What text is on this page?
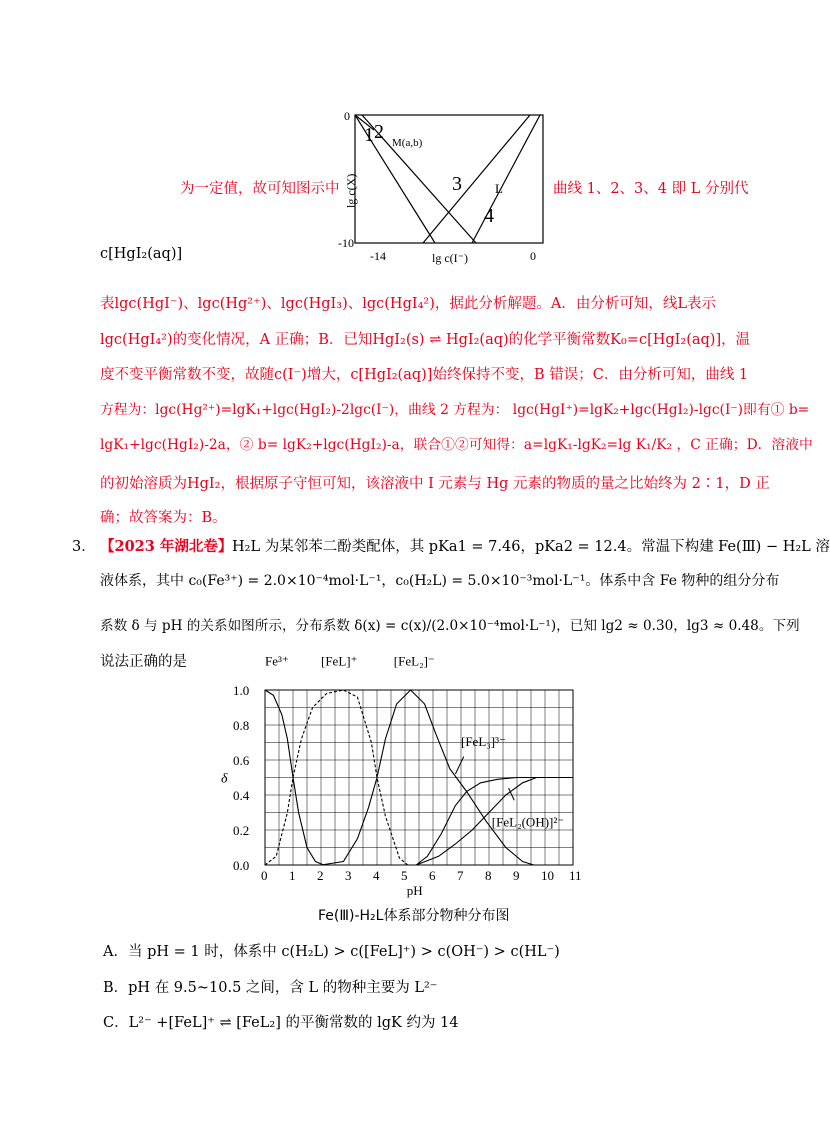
0
-10
-14	0
lg c(I⁻)
lg c(X)
1 2 M(a,b)
3	L
4
为一定值，故可知图示中	曲线 1、2、3、4 即 L 分别代
c[HgI₂(aq)]
表lgc(HgI⁻)、lgc(Hg²⁺)、lgc(HgI₃)、lgc(HgI₄²)，据此分析解题。A．由分析可知，线L表示
lgc(HgI₄²)的变化情况，A 正确；B．已知HgI₂(s) ⇌ HgI₂(aq)的化学平衡常数K₀=c[HgI₂(aq)]，温
度不变平衡常数不变，故随c(I⁻)增大，c[HgI₂(aq)]始终保持不变，B 错误；C．由分析可知，曲线 1
方程为：lgc(Hg²⁺)=lgK₁+lgc(HgI₂)-2lgc(I⁻)，曲线 2 方程为： lgc(HgI⁺)=lgK₂+lgc(HgI₂)-lgc(I⁻)即有① b=
lgK₁+lgc(HgI₂)-2a，② b= lgK₂+lgc(HgI₂)-a，联合①②可知得：a=lgK₁-lgK₂=lg K₁/K₂ ，C 正确；D．溶液中
的初始溶质为HgI₂，根据原子守恒可知，该溶液中 I 元素与 Hg 元素的物质的量之比始终为 2∶1，D 正
确；故答案为：B。
3． 【2023 年湖北卷】 H₂L 为某邻苯二酚类配体，其 pKa1 = 7.46，pKa2 = 12.4。常温下构建 Fe(Ⅲ) − H₂L 溶
液体系，其中 c₀(Fe³⁺) = 2.0×10⁻⁴mol·L⁻¹，c₀(H₂L) = 5.0×10⁻³mol·L⁻¹。体系中含 Fe 物种的组分分布
系数 δ 与 pH 的关系如图所示，分布系数 δ(x) = c(x)/(2.0×10⁻⁴mol·L⁻¹)，已知 lg2 ≈ 0.30，lg3 ≈ 0.48。下列
说法正确的是
0 1 2 3 4 5 6 7 8 9 10 11
0.0
0.2
0.4
0.6
0.8
1.0
pH
δ
Fe³⁺ [FeL]⁺	[FeL₂]⁻
[FeL₃]³⁻
[FeL₂(OH)]²⁻
Fe(Ⅲ)-H₂L体系部分物种分布图
A．当 pH = 1 时，体系中 c(H₂L) > c([FeL]⁺) > c(OH⁻) > c(HL⁻)
B．pH 在 9.5~10.5 之间，含 L 的物种主要为 L²⁻
C．L²⁻ +[FeL]⁺ ⇌ [FeL₂] 的平衡常数的 lgK 约为 14
